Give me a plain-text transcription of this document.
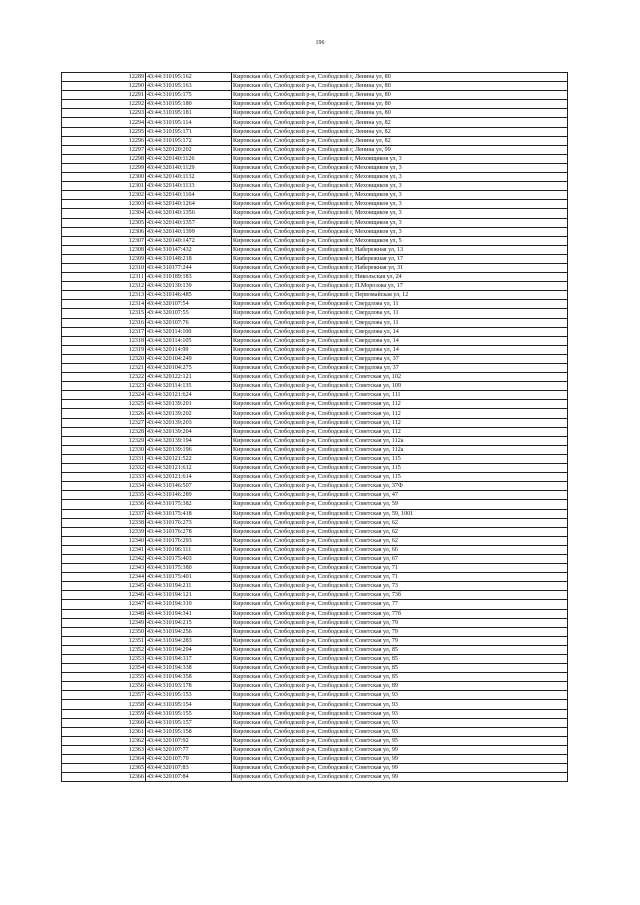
196
12289	43:44:310195:162	Кировская обл, Слободской р-н, Слободской г, Ленина ул, 80
12290	43:44:310195:163	Кировская обл, Слободской р-н, Слободской г, Ленина ул, 80
12291	43:44:310195:175	Кировская обл, Слободской р-н, Слободской г, Ленина ул, 80
12292	43:44:310195:180	Кировская обл, Слободской р-н, Слободской г, Ленина ул, 80
12293	43:44:310195:181	Кировская обл, Слободской р-н, Слободской г, Ленина ул, 80
12294	43:44:310195:114	Кировская обл, Слободской р-н, Слободской г, Ленина ул, 82
12295	43:44:310195:171	Кировская обл, Слободской р-н, Слободской г, Ленина ул, 82
12296	43:44:310195:172	Кировская обл, Слободской р-н, Слободской г, Ленина ул, 82
12297	43:44:320120:202	Кировская обл, Слободской р-н, Слободской г, Ленина ул, 99
12298	43:44:320140:1126	Кировская обл, Слободской р-н, Слободской г, Меховщиков ул, 3
12299	43:44:320140:1129	Кировская обл, Слободской р-н, Слободской г, Меховщиков ул, 3
12300	43:44:320140:1132	Кировская обл, Слободской р-н, Слободской г, Меховщиков ул, 3
12301	43:44:320140:1133	Кировская обл, Слободской р-н, Слободской г, Меховщиков ул, 3
12302	43:44:320140:1164	Кировская обл, Слободской р-н, Слободской г, Меховщиков ул, 3
12303	43:44:320140:1264	Кировская обл, Слободской р-н, Слободской г, Меховщиков ул, 3
12304	43:44:320140:1356	Кировская обл, Слободской р-н, Слободской г, Меховщиков ул, 3
12305	43:44:320140:1357	Кировская обл, Слободской р-н, Слободской г, Меховщиков ул, 3
12306	43:44:320140:1399	Кировская обл, Слободской р-н, Слободской г, Меховщиков ул, 3
12307	43:44:320140:1472	Кировская обл, Слободской р-н, Слободской г, Меховщиков ул, 5
12308	43:44:310147:432	Кировская обл, Слободской р-н, Слободской г, Набережная ул, 13
12309	43:44:310148:218	Кировская обл, Слободской р-н, Слободской г, Набережная ул, 17
12310	43:44:310177:244	Кировская обл, Слободской р-н, Слободской г, Набережная ул, 31
12311	43:44:310189:183	Кировская обл, Слободской р-н, Слободской г, Никольская ул, 24
12312	43:44:320130:139	Кировская обл, Слободской р-н, Слободской г, П.Морозова ул, 17
12313	43:44:310146:485	Кировская обл, Слободской р-н, Слободской г, Первомайская ул, 12
12314	43:44:320107:54	Кировская обл, Слободской р-н, Слободской г, Свердлова ул, 11
12315	43:44:320107:55	Кировская обл, Слободской р-н, Слободской г, Свердлова ул, 11
12316	43:44:320107:76	Кировская обл, Слободской р-н, Слободской г, Свердлова ул, 11
12317	43:44:320114:100	Кировская обл, Слободской р-н, Слободской г, Свердлова ул, 14
12318	43:44:320114:105	Кировская обл, Слободской р-н, Слободской г, Свердлова ул, 14
12319	43:44:320114:99	Кировская обл, Слободской р-н, Слободской г, Свердлова ул, 14
12320	43:44:320104:249	Кировская обл, Слободской р-н, Слободской г, Свердлова ул, 37
12321	43:44:320104:275	Кировская обл, Слободской р-н, Слободской г, Свердлова ул, 37
12322	43:44:320122:121	Кировская обл, Слободской р-н, Слободской г, Советская ул, 102
12323	43:44:320114:135	Кировская обл, Слободской р-н, Слободской г, Советская ул, 109
12324	43:44:320121:624	Кировская обл, Слободской р-н, Слободской г, Советская ул, 111
12325	43:44:320139:201	Кировская обл, Слободской р-н, Слободской г, Советская ул, 112
12326	43:44:320139:202	Кировская обл, Слободской р-н, Слободской г, Советская ул, 112
12327	43:44:320139:203	Кировская обл, Слободской р-н, Слободской г, Советская ул, 112
12328	43:44:320139:204	Кировская обл, Слободской р-н, Слободской г, Советская ул, 112
12329	43:44:320139:194	Кировская обл, Слободской р-н, Слободской г, Советская ул, 112а
12330	43:44:320139:196	Кировская обл, Слободской р-н, Слободской г, Советская ул, 112а
12331	43:44:320121:522	Кировская обл, Слободской р-н, Слободской г, Советская ул, 115
12332	43:44:320121:612	Кировская обл, Слободской р-н, Слободской г, Советская ул, 115
12333	43:44:320121:614	Кировская обл, Слободской р-н, Слободской г, Советская ул, 115
12334	43:44:310146:507	Кировская обл, Слободской р-н, Слободской г, Советская ул, 37Ф
12335	43:44:310146:289	Кировская обл, Слободской р-н, Слободской г, Советская ул, 47
12336	43:44:310175:382	Кировская обл, Слободской р-н, Слободской г, Советская ул, 59
12337	43:44:310175:418	Кировская обл, Слободской р-н, Слободской г, Советская ул, 59, 1001
12338	43:44:310176:273	Кировская обл, Слободской р-н, Слободской г, Советская ул, 62
12339	43:44:310176:278	Кировская обл, Слободской р-н, Слободской г, Советская ул, 62
12340	43:44:310176:293	Кировская обл, Слободской р-н, Слободской г, Советская ул, 62
12341	43:44:310196:111	Кировская обл, Слободской р-н, Слободской г, Советская ул, 66
12342	43:44:310175:403	Кировская обл, Слободской р-н, Слободской г, Советская ул, 67
12343	43:44:310175:380	Кировская обл, Слободской р-н, Слободской г, Советская ул, 71
12344	43:44:310175:401	Кировская обл, Слободской р-н, Слободской г, Советская ул, 71
12345	43:44:310194:211	Кировская обл, Слободской р-н, Слободской г, Советская ул, 73
12346	43:44:310194:121	Кировская обл, Слободской р-н, Слободской г, Советская ул, 73б
12347	43:44:310194:310	Кировская обл, Слободской р-н, Слободской г, Советская ул, 77
12348	43:44:310194:341	Кировская обл, Слободской р-н, Слободской г, Советская ул, 77б
12349	43:44:310194:215	Кировская обл, Слободской р-н, Слободской г, Советская ул, 79
12350	43:44:310194:256	Кировская обл, Слободской р-н, Слободской г, Советская ул, 79
12351	43:44:310194:283	Кировская обл, Слободской р-н, Слободской г, Советская ул, 79
12352	43:44:310194:294	Кировская обл, Слободской р-н, Слободской г, Советская ул, 85
12353	43:44:310194:317	Кировская обл, Слободской р-н, Слободской г, Советская ул, 85
12354	43:44:310194:338	Кировская обл, Слободской р-н, Слободской г, Советская ул, 85
12355	43:44:310194:358	Кировская обл, Слободской р-н, Слободской г, Советская ул, 85
12356	43:44:310193:178	Кировская обл, Слободской р-н, Слободской г, Советская ул, 89
12357	43:44:310195:153	Кировская обл, Слободской р-н, Слободской г, Советская ул, 93
12358	43:44:310195:154	Кировская обл, Слободской р-н, Слободской г, Советская ул, 93
12359	43:44:310195:155	Кировская обл, Слободской р-н, Слободской г, Советская ул, 93
12360	43:44:310195:157	Кировская обл, Слободской р-н, Слободской г, Советская ул, 93
12361	43:44:310195:158	Кировская обл, Слободской р-н, Слободской г, Советская ул, 93
12362	43:44:320107:92	Кировская обл, Слободской р-н, Слободской г, Советская ул, 95
12363	43:44:320107:77	Кировская обл, Слободской р-н, Слободской г, Советская ул, 99
12364	43:44:320107:79	Кировская обл, Слободской р-н, Слободской г, Советская ул, 99
12365	43:44:320107:83	Кировская обл, Слободской р-н, Слободской г, Советская ул, 99
12366	43:44:320107:84	Кировская обл, Слободской р-н, Слободской г, Советская ул, 99
